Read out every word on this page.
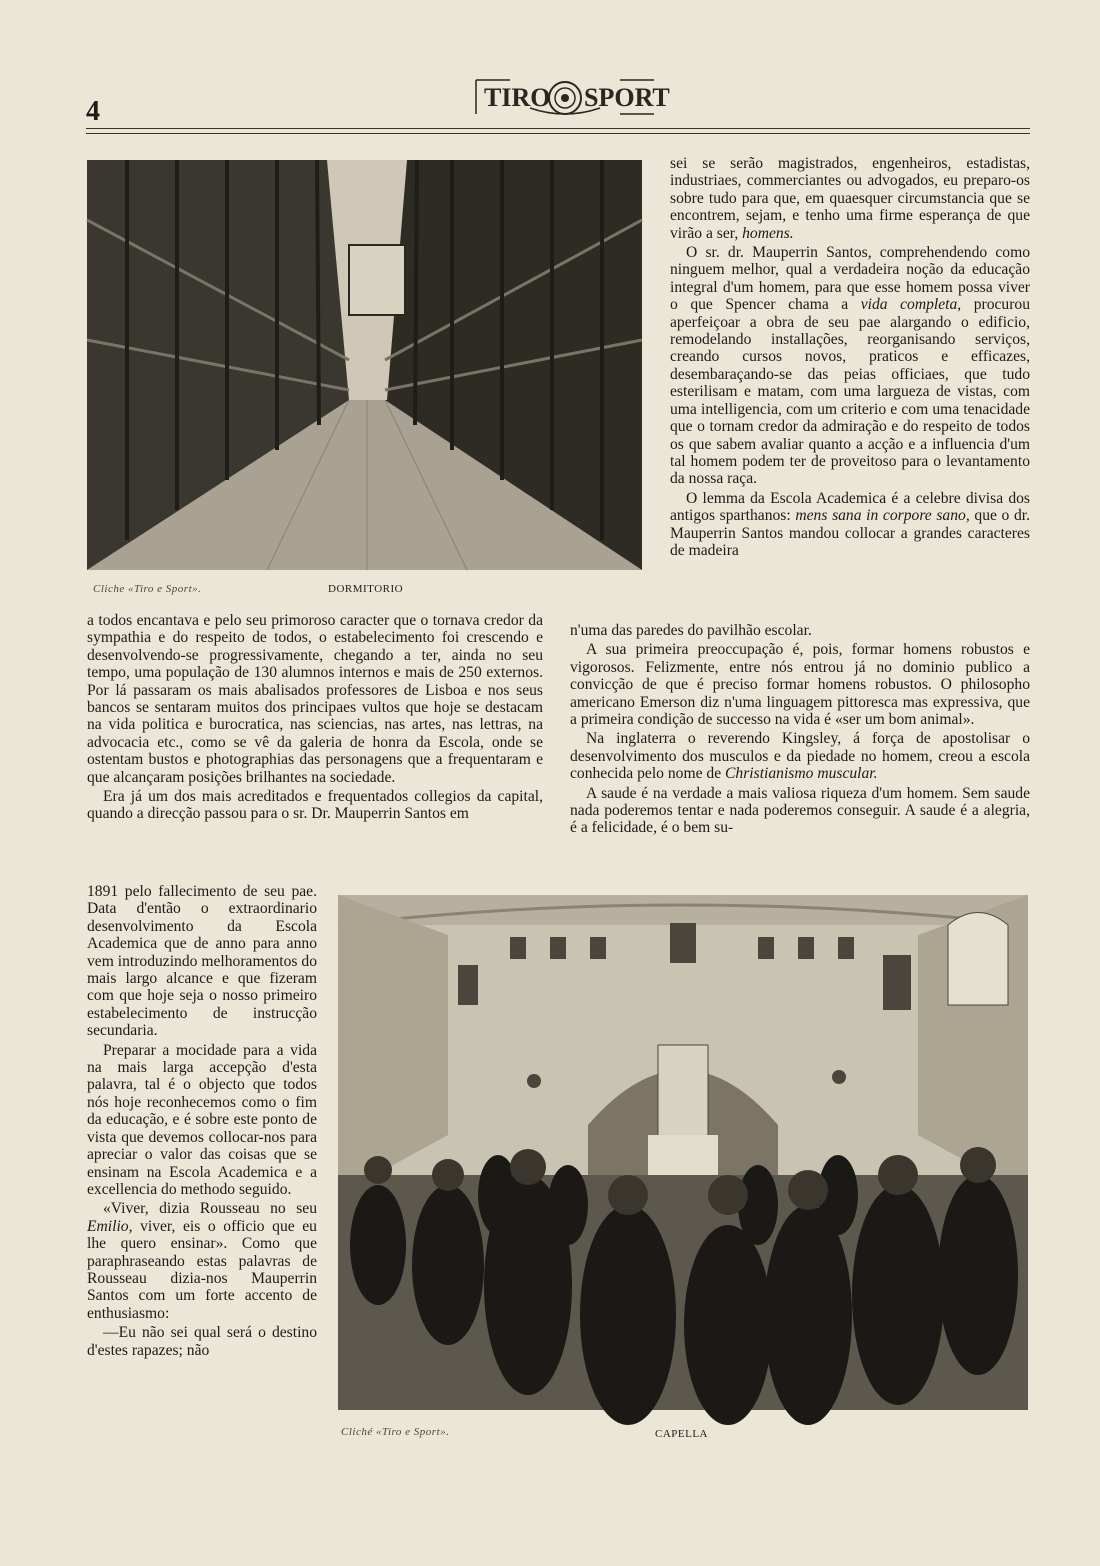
4	TIRO SPORT
Cliche «Tiro e Sport».	DORMITORIO

a todos encantava e pelo seu primoroso caracter que o tornava credor da sympathia e do respeito de todos, o estabelecimento foi crescendo e desenvolvendo-se progressivamente, chegando a ter, ainda no seu tempo, uma população de 130 alumnos internos e mais de 250 externos. Por lá passaram os mais abalisados professores de Lisboa e nos seus bancos se sentaram muitos dos principaes vultos que hoje se destacam na vida politica e burocratica, nas sciencias, nas artes, nas lettras, na advocacia etc., como se vê da galeria de honra da Escola, onde se ostentam bustos e photographias das personagens que a frequentaram e que alcançaram posições brilhantes na sociedade.

Era já um dos mais acreditados e frequentados collegios da capital, quando a direcção passou para o sr. Dr. Mauperrin Santos em

1891 pelo fallecimento de seu pae. Data d'então o extraordinario desenvolvimento da Escola Academica que de anno para anno vem introduzindo melhoramentos do mais largo alcance e que fizeram com que hoje seja o nosso primeiro estabelecimento de instrucção secundaria.

Preparar a mocidade para a vida na mais larga accepção d'esta palavra, tal é o objecto que todos nós hoje reconhecemos como o fim da educação, e é sobre este ponto de vista que devemos collocar-nos para apreciar o valor das coisas que se ensinam na Escola Academica e a excellencia do methodo seguido.

«Viver, dizia Rousseau no seu Emilio, viver, eis o officio que eu lhe quero ensinar». Como que paraphraseando estas palavras de Rousseau dizia-nos Mauperrin Santos com um forte accento de enthusiasmo:

—Eu não sei qual será o destino d'estes rapazes; não

sei se serão magistrados, engenheiros, estadistas, industriaes, commerciantes ou advogados, eu preparo-os sobre tudo para que, em quaesquer circumstancia que se encontrem, sejam, e tenho uma firme esperança de que virão a ser, homens.

O sr. dr. Mauperrin Santos, comprehendendo como ninguem melhor, qual a verdadeira noção da educação integral d'um homem, para que esse homem possa viver o que Spencer chama a vida completa, procurou aperfeiçoar a obra de seu pae alargando o edificio, remodelando installações, reorganisando serviços, creando cursos novos, praticos e efficazes, desembaraçando-se das peias officiaes, que tudo esterilisam e matam, com uma largueza de vistas, com uma intelligencia, com um criterio e com uma tenacidade que o tornam credor da admiração e do respeito de todos os que sabem avaliar quanto a acção e a influencia d'um tal homem podem ter de proveitoso para o levantamento da nossa raça.

O lemma da Escola Academica é a celebre divisa dos antigos sparthanos: mens sana in corpore sano, que o dr. Mauperrin Santos mandou collocar a grandes caracteres de madeira

n'uma das paredes do pavilhão escolar.

A sua primeira preoccupação é, pois, formar homens robustos e vigorosos. Felizmente, entre nós entrou já no dominio publico a convicção de que é preciso formar homens robustos. O philosopho americano Emerson diz n'uma linguagem pittoresca mas expressiva, que a primeira condição de successo na vida é «ser um bom animal».

Na inglaterra o reverendo Kingsley, á força de apostolisar o desenvolvimento dos musculos e da piedade no homem, creou a escola conhecida pelo nome de Christianismo muscular.

A saude é na verdade a mais valiosa riqueza d'um homem. Sem saude nada poderemos tentar e nada poderemos conseguir. A saude é a alegria, é a felicidade, é o bem su-

Cliché «Tiro e Sport».	CAPELLA
